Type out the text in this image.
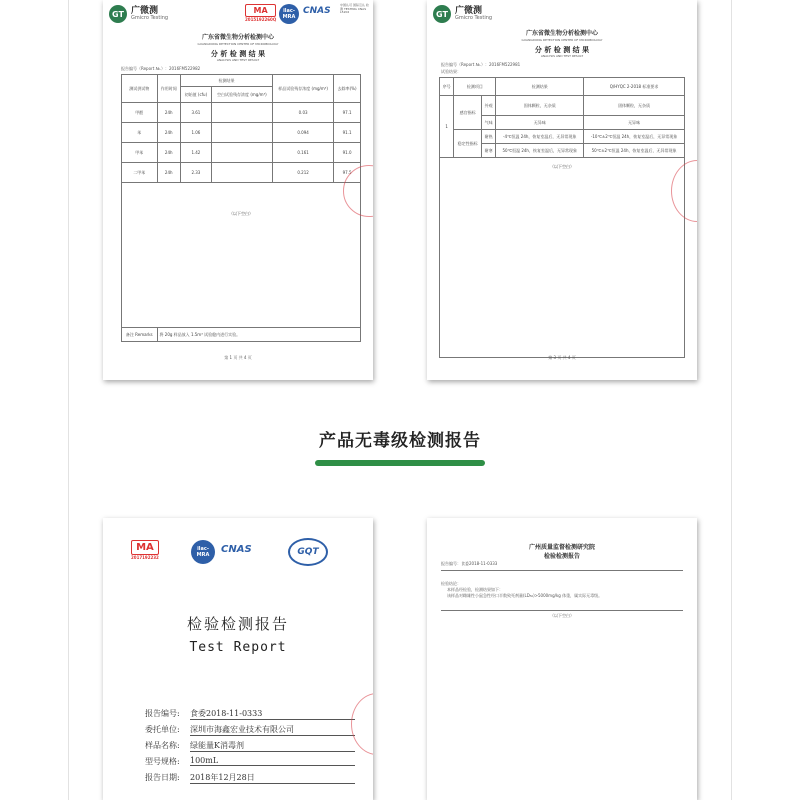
GT 广微测
Gmicro Testing
MA
2015192260Q
ilac-MRA
CNAS
中国认可 国际互认 检测 TESTING CNAS L5202
广东省微生物分析检测中心
GUANGDONG DETECTION CENTER OF MICROBIOLOGY
分 析 检 测 结 果
ANALYSIS AND TEST RESULT
报告编号（Report №.）：2016FM522982
测试供试物	作用时间	检测结果		样品试验残存浓度 (mg/m³)	去除率(%)
		初始值 (cfu)	空白试验残存浓度 (mg/m³)		
甲醛	24h	3.61		0.03	97.1
苯	24h	1.06		0.094	91.1
甲苯	24h	1.42		0.161	91.0
二甲苯	24h	2.33		0.212	97.5
（以下空白）					
备注 Remarks	将 20g 样品放入 1.5m³ 试验舱内进行实验。				
第 1 页 共 4 页
GT 广微测
Gmicro Testing
广东省微生物分析检测中心
GUANGDONG DETECTION CENTER OF MICROBIOLOGY
分 析 检 测 结 果
ANALYSIS AND TEST RESULT
报告编号（Report №.）：2016FM522981
试验结果：
序号	检测项目		检测结果	Q/HYQC 2-2018 标准要求
1	感官指标	外观	固体颗粒，无杂质	固体颗粒，无杂质
		气味	无异味	无异味
	稳定性指标	耐热	-4℃恒温 24h，恢复室温后，无异常现象	-10℃±2℃恒温 24h，恢复室温后，无异常现象
		耐寒	50℃恒温 24h，恢复室温后，无异常现象	50℃±2℃恒温 24h，恢复室温后，无异常现象
（以下空白）				
第 3 页 共 4 页
产品无毒级检测报告
MA
2017192232
ilac-MRA	CNAS	GQT
检验检测报告
Test Report
报告编号: 食委2018-11-0333
委托单位: 深圳市海鑫宏业技术有限公司
样品名称: 绿能量K消毒剂
型号规格: 100mL
报告日期: 2018年12月28日
广州质量监督检测研究院
检验检测报告
报告编号：食委2018-11-0333
检验结论：
本样品经检验，检测结果如下：
该样品对雌雄性小鼠急性经口半数致死剂量(LD₅₀)>5000mg/kg 体重，属实际无毒级。
（以下空白）
